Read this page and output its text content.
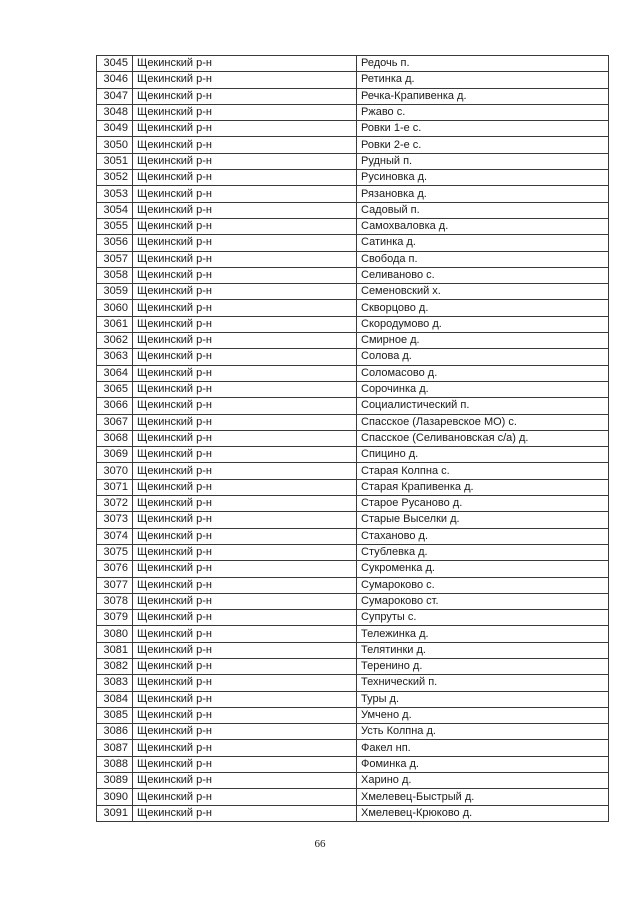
3045	Щекинский р-н	Редочь п.
3046	Щекинский р-н	Ретинка д.
3047	Щекинский р-н	Речка-Крапивенка д.
3048	Щекинский р-н	Ржаво с.
3049	Щекинский р-н	Ровки 1-е с.
3050	Щекинский р-н	Ровки 2-е с.
3051	Щекинский р-н	Рудный п.
3052	Щекинский р-н	Русиновка д.
3053	Щекинский р-н	Рязановка д.
3054	Щекинский р-н	Садовый п.
3055	Щекинский р-н	Самохваловка д.
3056	Щекинский р-н	Сатинка д.
3057	Щекинский р-н	Свобода п.
3058	Щекинский р-н	Селиваново с.
3059	Щекинский р-н	Семеновский х.
3060	Щекинский р-н	Скворцово д.
3061	Щекинский р-н	Скородумово д.
3062	Щекинский р-н	Смирное д.
3063	Щекинский р-н	Солова д.
3064	Щекинский р-н	Соломасово д.
3065	Щекинский р-н	Сорочинка д.
3066	Щекинский р-н	Социалистический п.
3067	Щекинский р-н	Спасское (Лазаревское МО) с.
3068	Щекинский р-н	Спасское (Селивановская с/а) д.
3069	Щекинский р-н	Спицино д.
3070	Щекинский р-н	Старая Колпна с.
3071	Щекинский р-н	Старая Крапивенка д.
3072	Щекинский р-н	Старое Русаново д.
3073	Щекинский р-н	Старые Выселки д.
3074	Щекинский р-н	Стаханово д.
3075	Щекинский р-н	Стублевка д.
3076	Щекинский р-н	Сукроменка д.
3077	Щекинский р-н	Сумароково с.
3078	Щекинский р-н	Сумароково ст.
3079	Щекинский р-н	Супруты с.
3080	Щекинский р-н	Тележинка д.
3081	Щекинский р-н	Телятинки д.
3082	Щекинский р-н	Теренино д.
3083	Щекинский р-н	Технический п.
3084	Щекинский р-н	Туры д.
3085	Щекинский р-н	Умчено д.
3086	Щекинский р-н	Усть Колпна д.
3087	Щекинский р-н	Факел нп.
3088	Щекинский р-н	Фоминка д.
3089	Щекинский р-н	Харино д.
3090	Щекинский р-н	Хмелевец-Быстрый д.
3091	Щекинский р-н	Хмелевец-Крюково д.
66
